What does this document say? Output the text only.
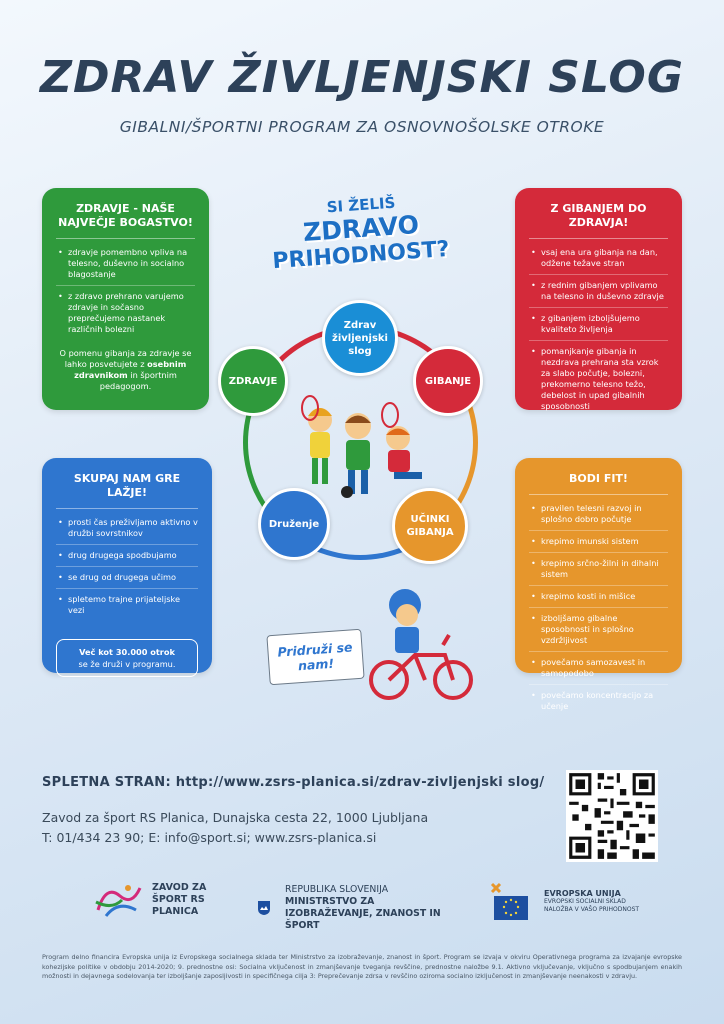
ZDRAV ŽIVLJENJSKI SLOG
GIBALNI/ŠPORTNI PROGRAM ZA OSNOVNOŠOLSKE OTROKE
ZDRAVJE - NAŠE NAJVEČJE BOGASTVO!
• zdravje pomembno vpliva na telesno, duševno in socialno blagostanje
• z zdravo prehrano varujemo zdravje in sočasno preprečujemo nastanek različnih bolezni
O pomenu gibanja za zdravje se lahko posvetujete z osebnim zdravnikom in športnim pedagogom.
Z GIBANJEM DO ZDRAVJA!
• vsaj ena ura gibanja na dan, odžene težave stran
• z rednim gibanjem vplivamo na telesno in duševno zdravje
• z gibanjem izboljšujemo kvaliteto življenja
• pomanjkanje gibanja in nezdrava prehrana sta vzrok za slabo počutje, bolezni, prekomerno telesno težo, debelost in upad gibalnih sposobnosti
SKUPAJ NAM GRE LAŽJE!
• prosti čas preživljamo aktivno v družbi sovrstnikov
• drug drugega spodbujamo
• se drug od drugega učimo
• spletemo trajne prijateljske vezi
Več kot 30.000 otrok
se že druži v programu.
BODI FIT!
• pravilen telesni razvoj in splošno dobro počutje
• krepimo imunski sistem
• krepimo srčno-žilni in dihalni sistem
• krepimo kosti in mišice
• izboljšamo gibalne sposobnosti in splošno vzdržljivost
• povečamo samozavest in samopodobo
• povečamo koncentracijo za učenje
SI ŽELIŠ
ZDRAVO
PRIHODNOST?
Zdrav življenjski slog
GIBANJE
UČINKI GIBANJA
Druženje
ZDRAVJE
Pridruži se nam!
SPLETNA STRAN: http://www.zsrs-planica.si/zdrav-zivljenjski slog/
Zavod za šport RS Planica, Dunajska cesta 22, 1000 Ljubljana
T: 01/434 23 90; E: info@sport.si; www.zsrs-planica.si
ZAVOD ZA ŠPORT RS PLANICA
REPUBLIKA SLOVENIJA
MINISTRSTVO ZA IZOBRAŽEVANJE, ZNANOST IN ŠPORT
EVROPSKA UNIJA
EVROPSKI SOCIALNI SKLAD
NALOŽBA V VAŠO PRIHODNOST
Program delno financira Evropska unija iz Evropskega socialnega sklada ter Ministrstvo za izobraževanje, znanost in šport. Program se izvaja v okviru Operativnega programa za izvajanje evropske kohezijske politike v obdobju 2014-2020; 9. prednostne osi: Socialna vključenost in zmanjševanje tveganja revščine, prednostne naložbe 9.1. Aktivno vključevanje, vključno s spodbujanjem enakih možnosti in dejavnega sodelovanja ter izboljšanje zaposljivosti in specifičnega cilja 3: Preprečevanje zdrsa v revščino oziroma socialno izključenost in zmanjševanje neenakosti v zdravju.
